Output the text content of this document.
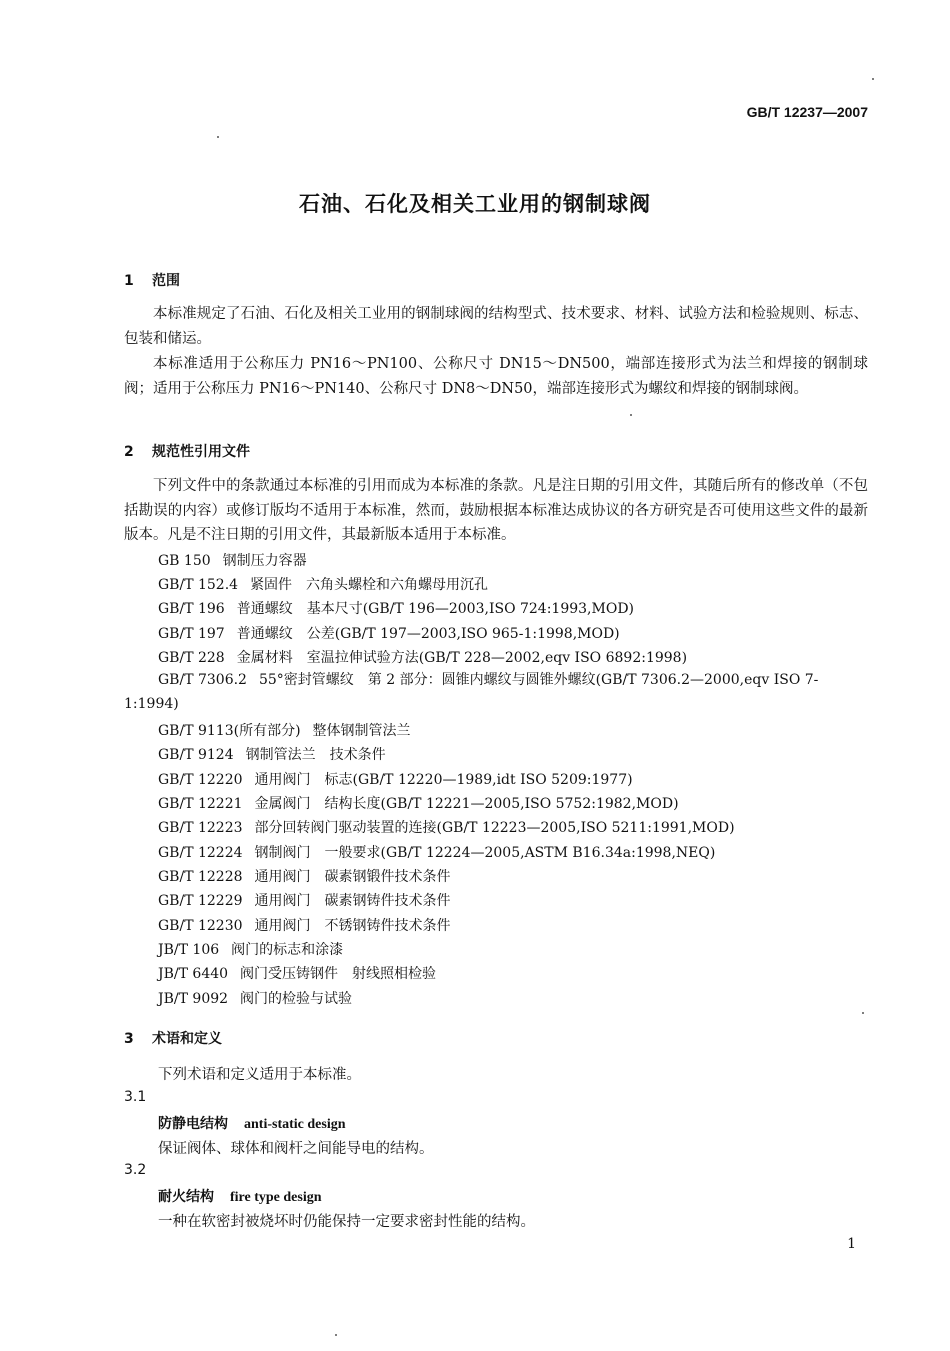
GB/T 12237—2007
石油、石化及相关工业用的钢制球阀
1 范围
本标准规定了石油、石化及相关工业用的钢制球阀的结构型式、技术要求、材料、试验方法和检验规则、标志、包装和储运。
本标准适用于公称压力 PN16～PN100、公称尺寸 DN15～DN500，端部连接形式为法兰和焊接的钢制球阀；适用于公称压力 PN16～PN140、公称尺寸 DN8～DN50，端部连接形式为螺纹和焊接的钢制球阀。
2 规范性引用文件
下列文件中的条款通过本标准的引用而成为本标准的条款。凡是注日期的引用文件，其随后所有的修改单（不包括勘误的内容）或修订版均不适用于本标准，然而，鼓励根据本标准达成协议的各方研究是否可使用这些文件的最新版本。凡是不注日期的引用文件，其最新版本适用于本标准。
GB 150 钢制压力容器
GB/T 152.4 紧固件　六角头螺栓和六角螺母用沉孔
GB/T 196 普通螺纹　基本尺寸(GB/T 196—2003,ISO 724:1993,MOD)
GB/T 197 普通螺纹　公差(GB/T 197—2003,ISO 965-1:1998,MOD)
GB/T 228 金属材料　室温拉伸试验方法(GB/T 228—2002,eqv ISO 6892:1998)
GB/T 7306.2 55°密封管螺纹　第 2 部分：圆锥内螺纹与圆锥外螺纹(GB/T 7306.2—2000,eqv ISO 7-1:1994)
GB/T 9113(所有部分) 整体钢制管法兰
GB/T 9124 钢制管法兰　技术条件
GB/T 12220 通用阀门　标志(GB/T 12220—1989,idt ISO 5209:1977)
GB/T 12221 金属阀门　结构长度(GB/T 12221—2005,ISO 5752:1982,MOD)
GB/T 12223 部分回转阀门驱动装置的连接(GB/T 12223—2005,ISO 5211:1991,MOD)
GB/T 12224 钢制阀门　一般要求(GB/T 12224—2005,ASTM B16.34a:1998,NEQ)
GB/T 12228 通用阀门　碳素钢锻件技术条件
GB/T 12229 通用阀门　碳素钢铸件技术条件
GB/T 12230 通用阀门　不锈钢铸件技术条件
JB/T 106 阀门的标志和涂漆
JB/T 6440 阀门受压铸钢件　射线照相检验
JB/T 9092 阀门的检验与试验
3 术语和定义
下列术语和定义适用于本标准。
3.1
防静电结构 anti-static design
保证阀体、球体和阀杆之间能导电的结构。
3.2
耐火结构 fire type design
一种在软密封被烧坏时仍能保持一定要求密封性能的结构。
1
